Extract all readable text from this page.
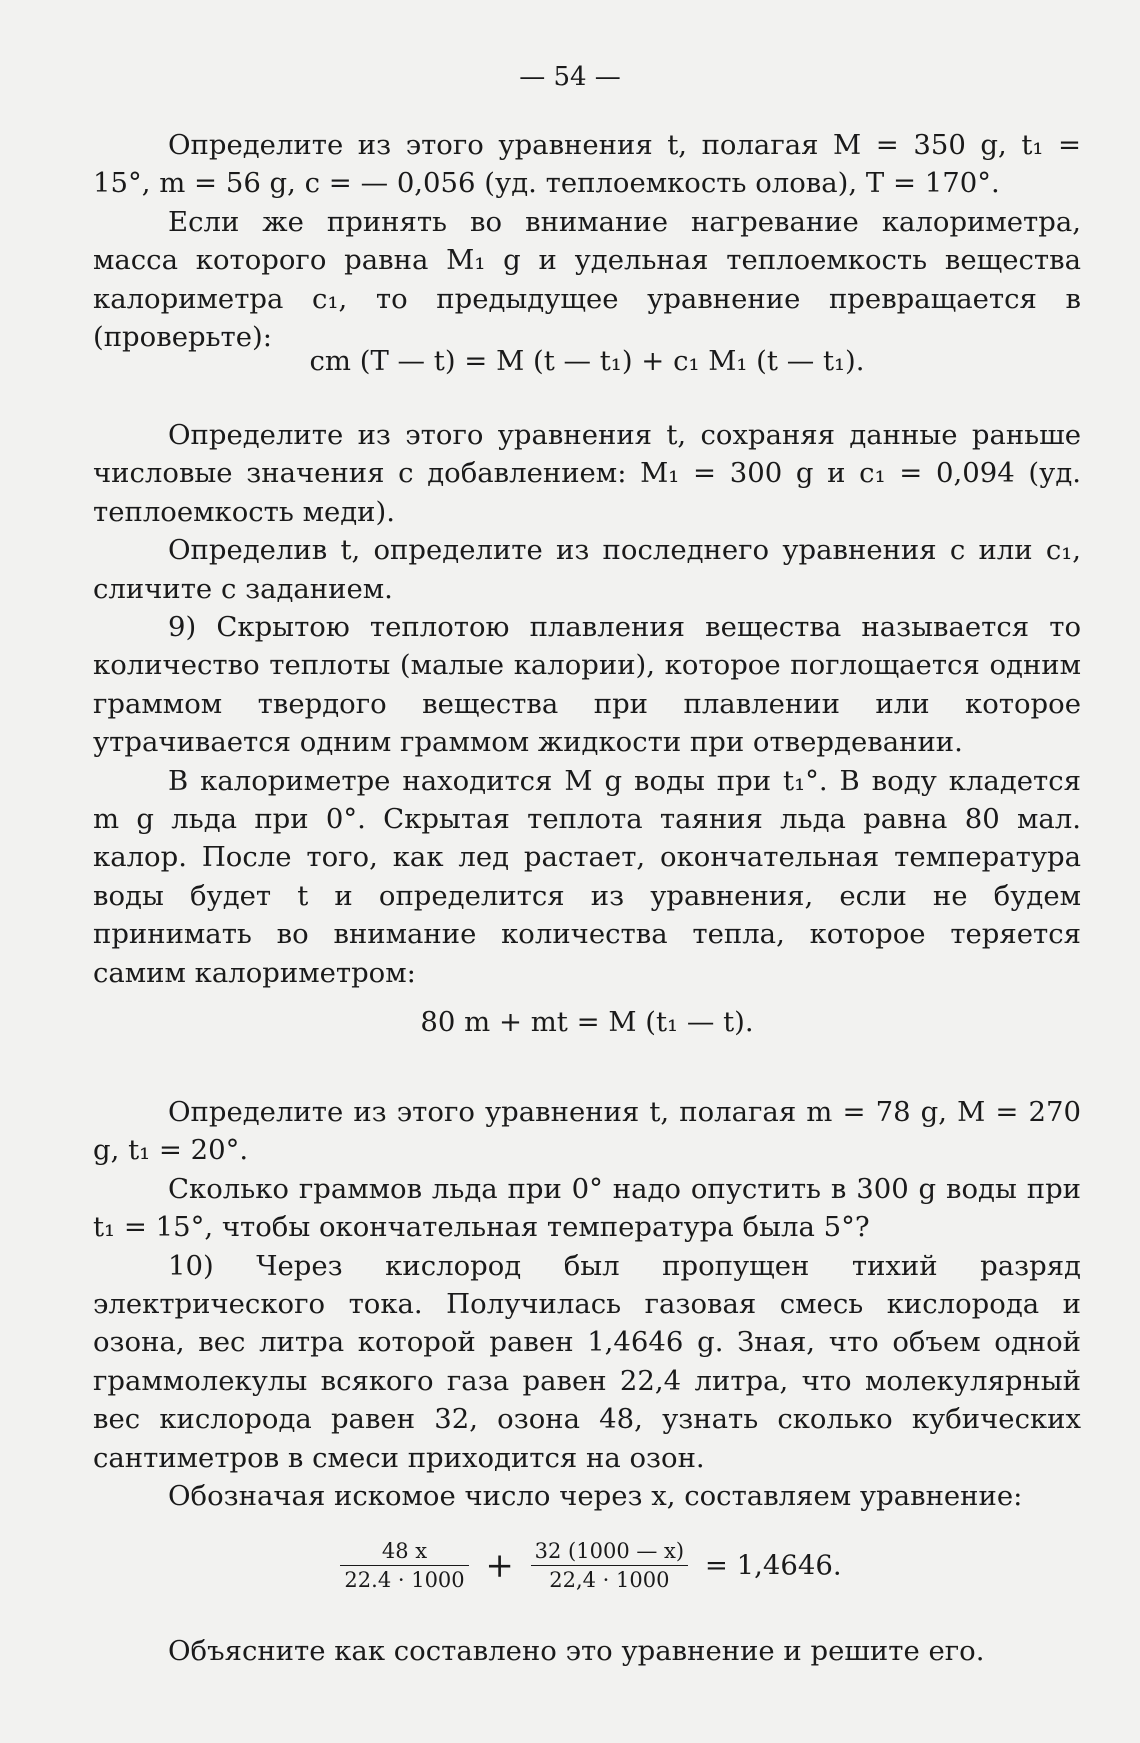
— 54 —

Определите из этого уравнения t, полагая M = 350 g, t₁ = 15°, m = 56 g, c = — 0,056 (уд. теплоемкость олова), T = 170°.

Если же принять во внимание нагревание калориметра, масса которого равна M₁ g и удельная теплоемкость вещества калориметра c₁, то предыдущее уравнение превращается в (проверьте):

cm (T — t) = M (t — t₁) + c₁ M₁ (t — t₁).

Определите из этого уравнения t, сохраняя данные раньше числовые значения с добавлением: M₁ = 300 g и c₁ = 0,094 (уд. теплоемкость меди).

Определив t, определите из последнего уравнения c или c₁, сличите с заданием.

9) Скрытою теплотою плавления вещества называется то количество теплоты (малые калории), которое поглощается одним граммом твердого вещества при плавлении или которое утрачивается одним граммом жидкости при отвердевании.

В калориметре находится M g воды при t₁°. В воду кладется m g льда при 0°. Скрытая теплота таяния льда равна 80 мал. калор. После того, как лед растает, окончательная температура воды будет t и определится из уравнения, если не будем принимать во внимание количества тепла, которое теряется самим калориметром:

80 m + mt = M (t₁ — t).

Определите из этого уравнения t, полагая m = 78 g, M = 270 g, t₁ = 20°.

Сколько граммов льда при 0° надо опустить в 300 g воды при t₁ = 15°, чтобы окончательная температура была 5°?

10) Через кислород был пропущен тихий разряд электрического тока. Получилась газовая смесь кислорода и озона, вес литра которой равен 1,4646 g. Зная, что объем одной граммолекулы всякого газа равен 22,4 литра, что молекулярный вес кислорода равен 32, озона 48, узнать сколько кубических сантиметров в смеси приходится на озон.

Обозначая искомое число через x, составляем уравнение:

$\frac{48 x}{22.4 \cdot 1000} + \frac{32 (1000 — x)}{22,4 \cdot 1000} = 1,4646$.

Объясните как составлено это уравнение и решите его.
